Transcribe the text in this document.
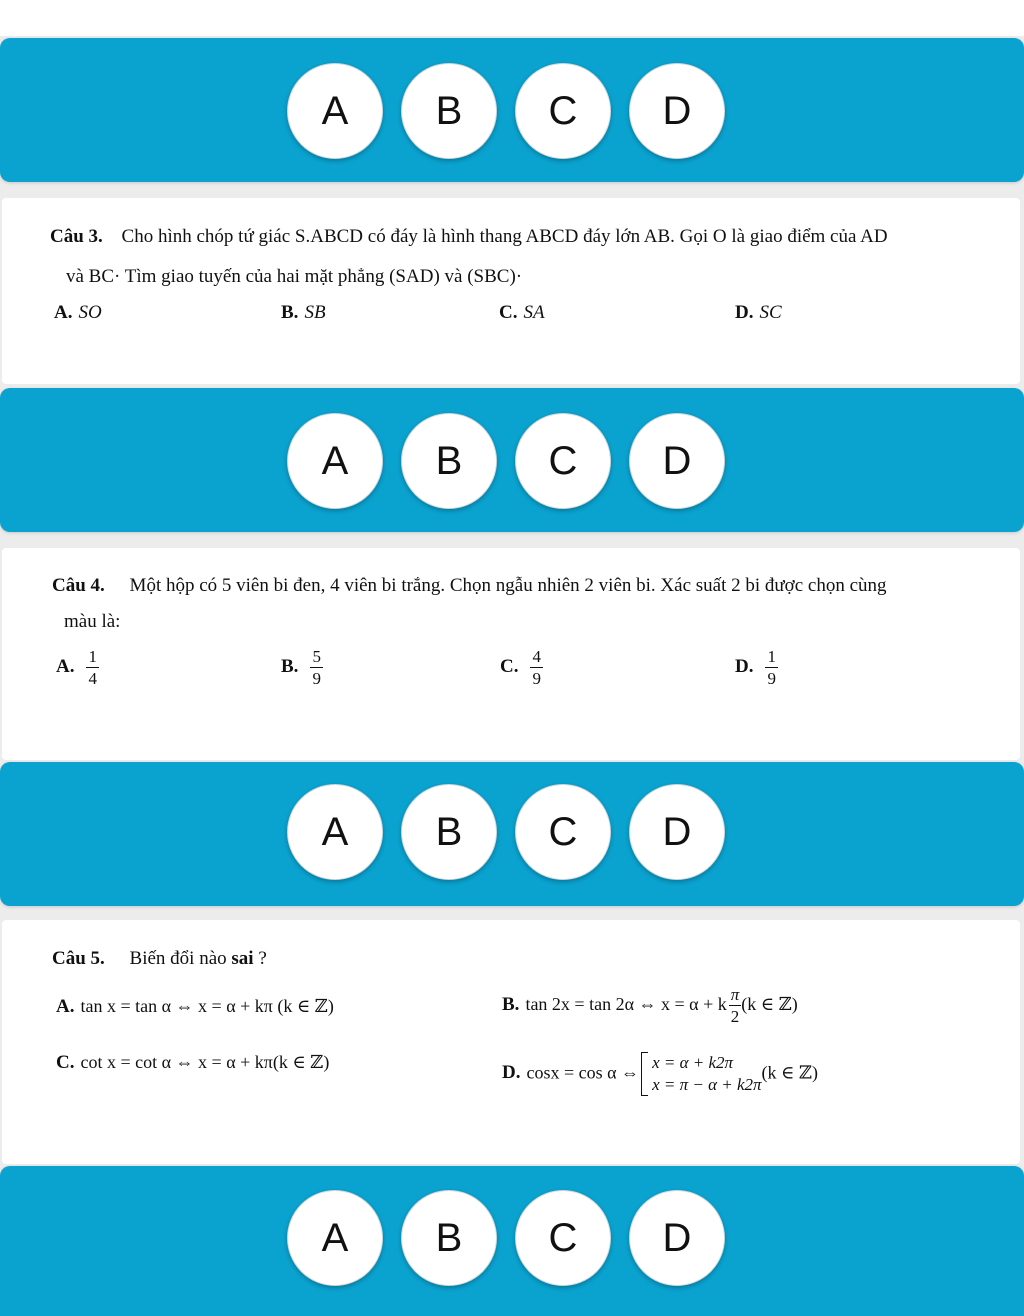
A	B	C	D
Câu 3. Cho hình chóp tứ giác S.ABCD có đáy là hình thang ABCD đáy lớn AB. Gọi O là giao điểm của AD
và BC· Tìm giao tuyến của hai mặt phẳng (SAD) và (SBC)·
A. SO	B. SB	C. SA	D. SC
A	B	C	D
Câu 4. Một hộp có 5 viên bi đen, 4 viên bi trắng. Chọn ngẫu nhiên 2 viên bi. Xác suất 2 bi được chọn cùng
màu là:
A. $\frac{1}{4}$	B. $\frac{5}{9}$	C. $\frac{4}{9}$	D. $\frac{1}{9}$
A	B	C	D
Câu 5. Biến đổi nào sai ?
A. tan x = tan α ⇔ x = α + kπ (k ∈ ℤ)	B. tan 2x = tan 2α ⇔ x = α + k $\frac{\pi}{2} (k$ ∈ ℤ)
C. cot x = cot α ⇔ x = α + kπ(k ∈ ℤ)
D. cosx = cos α ⇔ x = α + k2π
x = π − α + k2π
(k ∈ ℤ)
A	B	C	D
